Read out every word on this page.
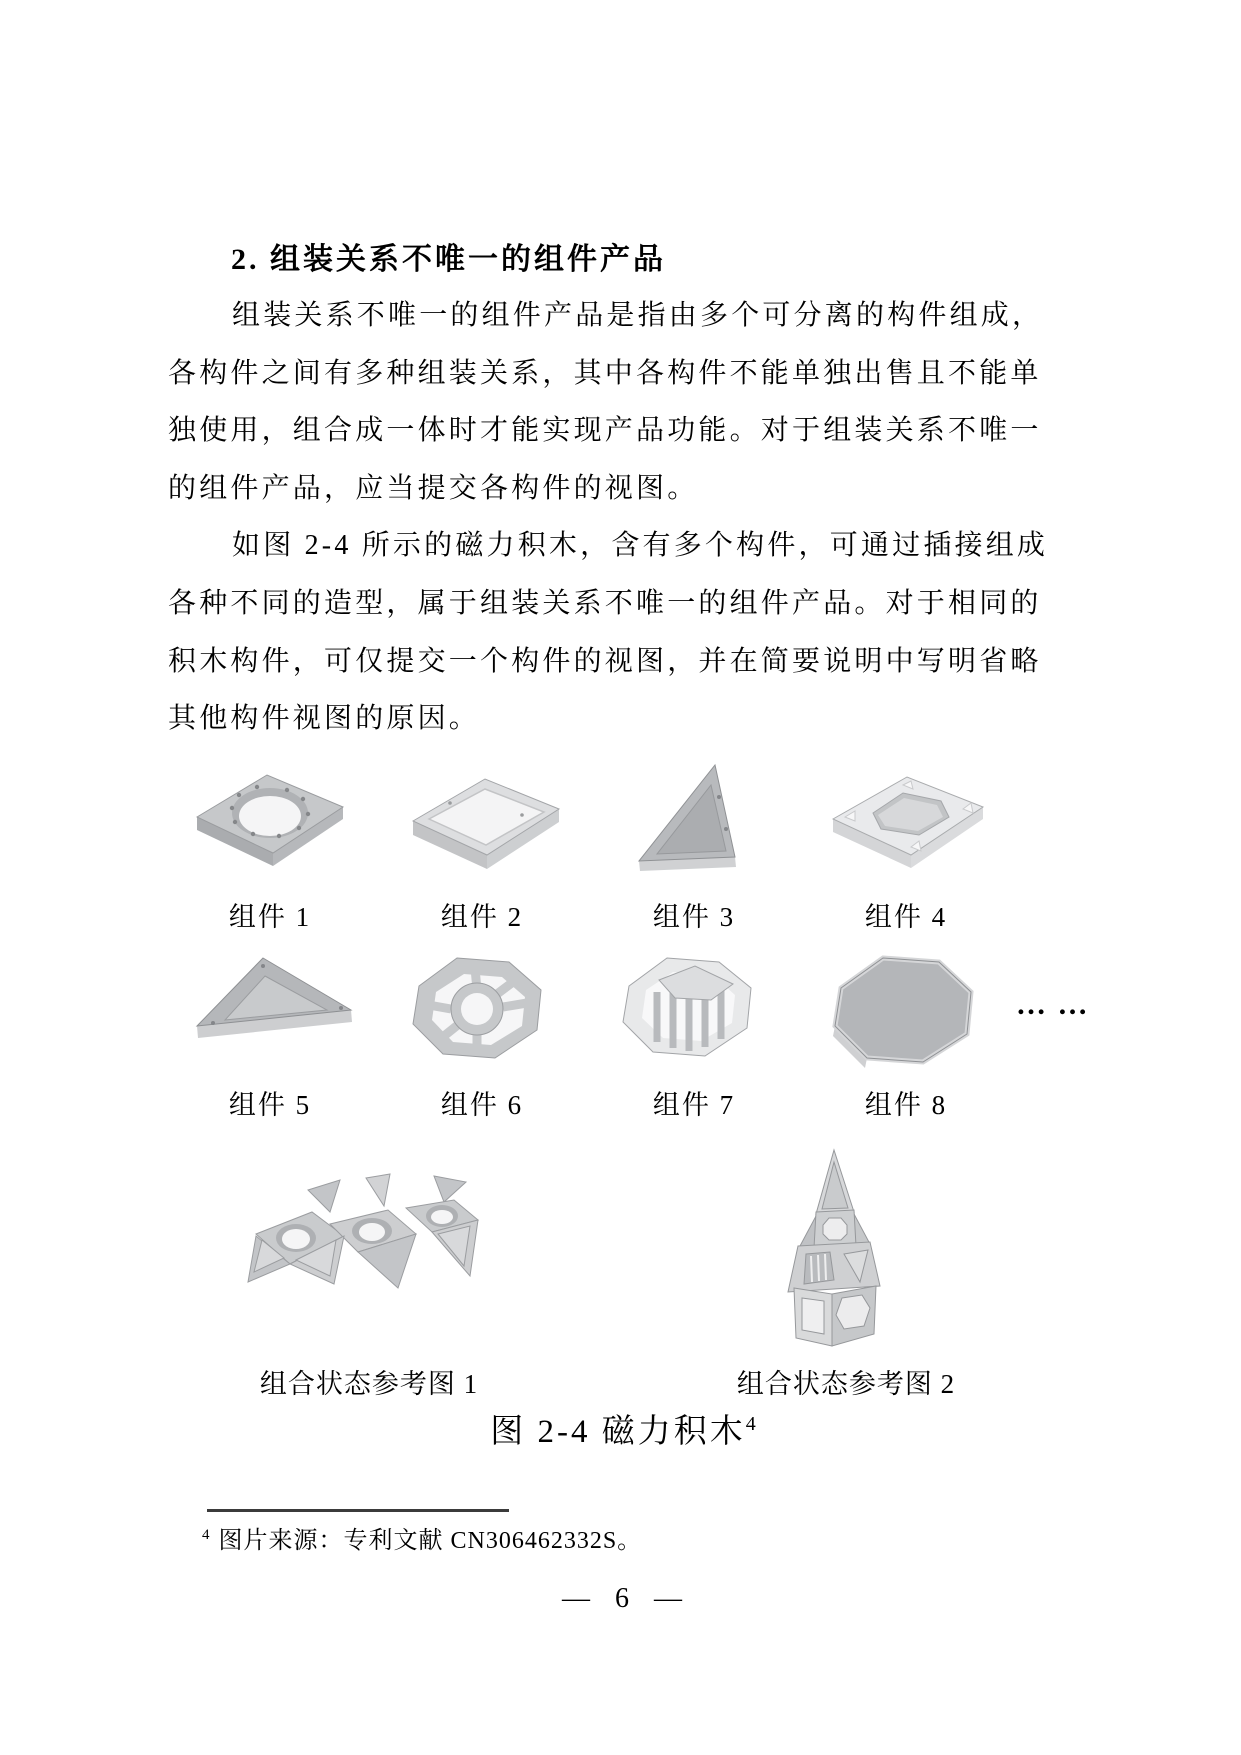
2. 组装关系不唯一的组件产品
组装关系不唯一的组件产品是指由多个可分离的构件组成，
各构件之间有多种组装关系，其中各构件不能单独出售且不能单
独使用，组合成一体时才能实现产品功能。对于组装关系不唯一
的组件产品，应当提交各构件的视图。
如图 2-4 所示的磁力积木，含有多个构件，可通过插接组成
各种不同的造型，属于组装关系不唯一的组件产品。对于相同的
积木构件，可仅提交一个构件的视图，并在简要说明中写明省略
其他构件视图的原因。
组件 1	组件 2	组件 3	组件 4
组件 5	组件 6	组件 7	组件 8
… …
组合状态参考图 1	组合状态参考图 2
图 2-4 磁力积木$^4$
$^4$ 图片来源：专利文献 CN306462332S。
— 6 —
